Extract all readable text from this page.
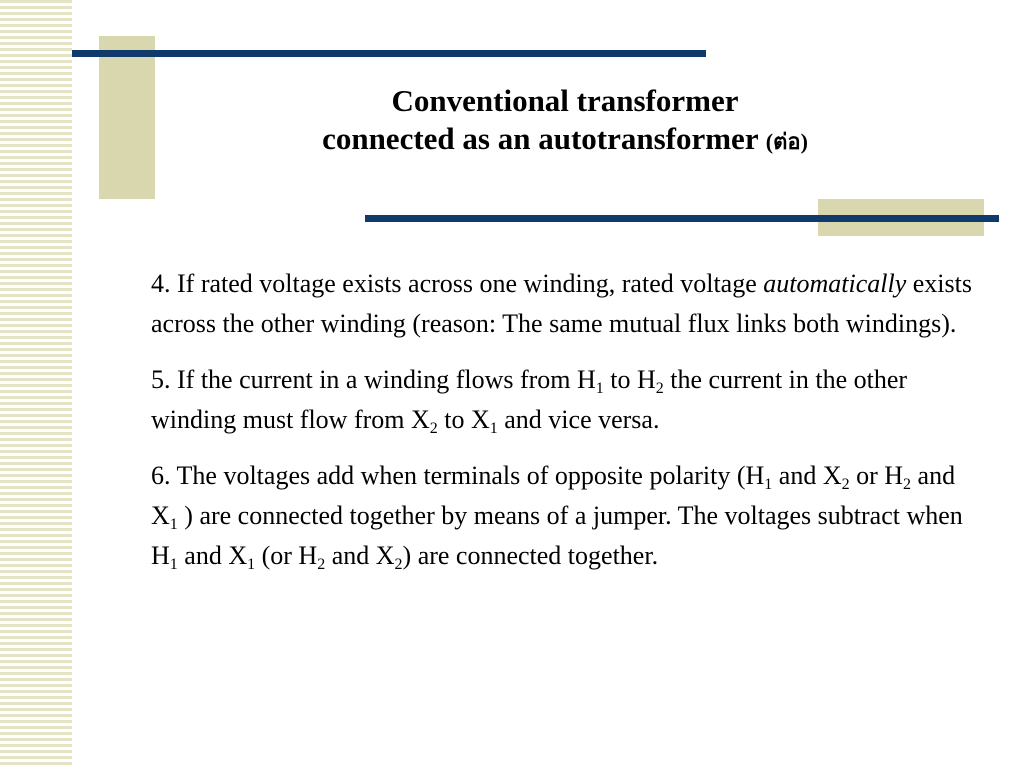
Conventional transformer
connected as an autotransformer (ต่อ)

4. If rated voltage exists across one winding, rated voltage automatically exists across the other winding (reason: The same mutual flux links both windings).

5. If the current in a winding flows from $H_1$ to $H_2$ the current in the other winding must flow from $X_2$ to $X_1$ and vice versa.

6. The voltages add when terminals of opposite polarity ($H_1$ and $X_2$ or $H_2$ and $X_1$ ) are connected together by means of a jumper. The voltages subtract when $H_1$ and $X_1$ (or $H_2$ and $X_2$) are connected together.
